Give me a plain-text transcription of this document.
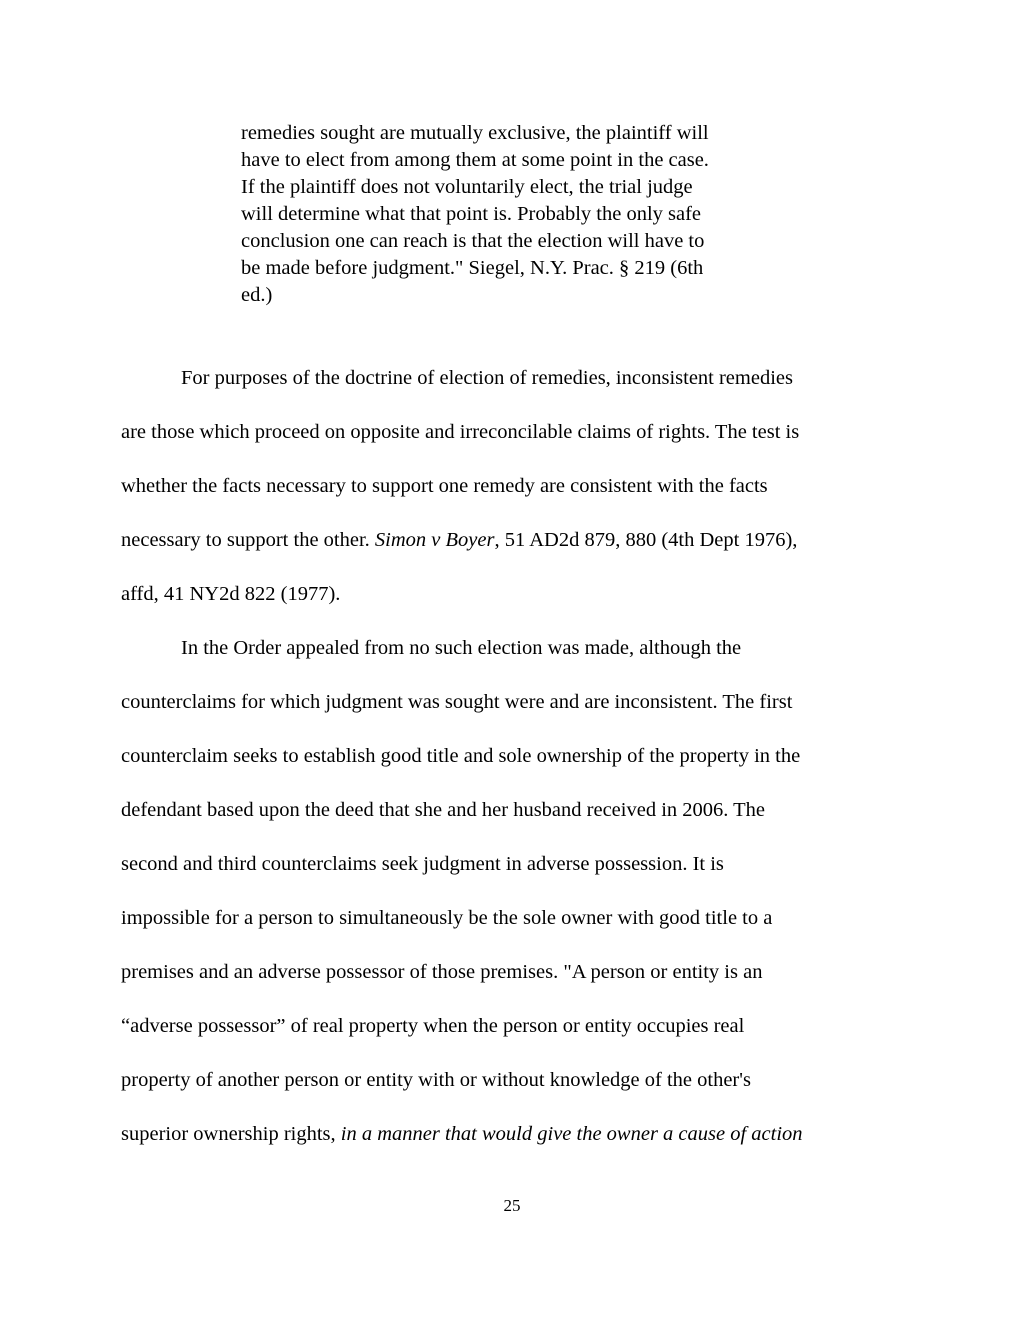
remedies sought are mutually exclusive, the plaintiff will
have to elect from among them at some point in the case.
If the plaintiff does not voluntarily elect, the trial judge
will determine what that point is. Probably the only safe
conclusion one can reach is that the election will have to
be made before judgment." Siegel, N.Y. Prac. § 219 (6th
ed.)
For purposes of the doctrine of election of remedies, inconsistent remedies
are those which proceed on opposite and irreconcilable claims of rights. The test is
whether the facts necessary to support one remedy are consistent with the facts
necessary to support the other. Simon v Boyer, 51 AD2d 879, 880 (4th Dept 1976),
affd, 41 NY2d 822 (1977).
In the Order appealed from no such election was made, although the
counterclaims for which judgment was sought were and are inconsistent. The first
counterclaim seeks to establish good title and sole ownership of the property in the
defendant based upon the deed that she and her husband received in 2006. The
second and third counterclaims seek judgment in adverse possession. It is
impossible for a person to simultaneously be the sole owner with good title to a
premises and an adverse possessor of those premises. "A person or entity is an
“adverse possessor” of real property when the person or entity occupies real
property of another person or entity with or without knowledge of the other's
superior ownership rights, in a manner that would give the owner a cause of action
25
